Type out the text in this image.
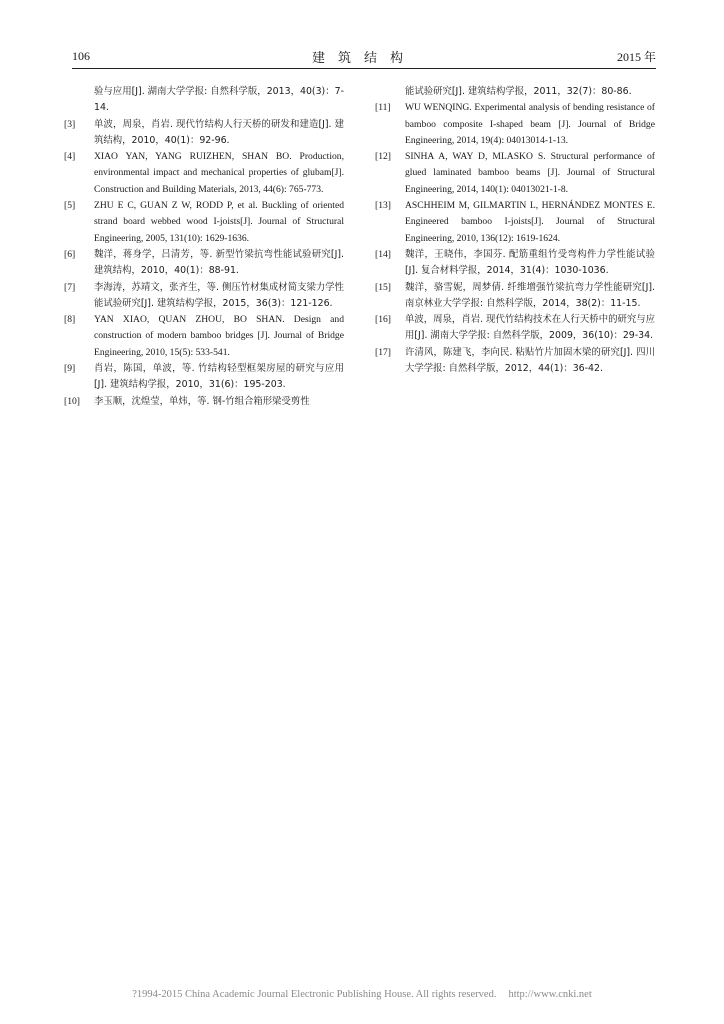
106	建筑结构	2015 年

验与应用[J]. 湖南大学学报: 自然科学版，2013，40(3)：7-14.

[3]	单波，周泉，肖岩. 现代竹结构人行天桥的研发和建造[J]. 建筑结构，2010，40(1)：92-96.

[4]	XIAO YAN, YANG RUIZHEN, SHAN BO. Production, environmental impact and mechanical properties of glubam[J]. Construction and Building Materials, 2013, 44(6): 765-773.

[5]	ZHU E C, GUAN Z W, RODD P, et al. Buckling of oriented strand board webbed wood I-joists[J]. Journal of Structural Engineering, 2005, 131(10): 1629-1636.

[6]	魏洋，蒋身学，吕清芳，等. 新型竹梁抗弯性能试验研究[J]. 建筑结构，2010，40(1)：88-91.

[7]	李海涛，苏靖文，张齐生，等. 侧压竹材集成材简支梁力学性能试验研究[J]. 建筑结构学报，2015，36(3)：121-126.

[8]	YAN XIAO, QUAN ZHOU, BO SHAN. Design and construction of modern bamboo bridges [J]. Journal of Bridge Engineering, 2010, 15(5): 533-541.

[9]	肖岩，陈国，单波，等. 竹结构轻型框架房屋的研究与应用[J]. 建筑结构学报，2010，31(6)：195-203.

[10]	李玉顺，沈煌莹，单炜，等. 钢-竹组合箱形梁受剪性

能试验研究[J]. 建筑结构学报，2011，32(7)：80-86.

[11]	WU WENQING. Experimental analysis of bending resistance of bamboo composite I-shaped beam [J]. Journal of Bridge Engineering, 2014, 19(4): 04013014-1-13.

[12]	SINHA A, WAY D, MLASKO S. Structural performance of glued laminated bamboo beams [J]. Journal of Structural Engineering, 2014, 140(1): 04013021-1-8.

[13]	ASCHHEIM M, GILMARTIN L, HERNÁNDEZ MONTES E. Engineered bamboo I-joists[J]. Journal of Structural Engineering, 2010, 136(12): 1619-1624.

[14]	魏洋，王晓伟，李国芬. 配筋重组竹受弯构件力学性能试验[J]. 复合材料学报，2014，31(4)：1030-1036.

[15]	魏洋，骆雪妮，周梦倩. 纤维增强竹梁抗弯力学性能研究[J]. 南京林业大学学报: 自然科学版，2014，38(2)：11-15.

[16]	单波，周泉，肖岩. 现代竹结构技术在人行天桥中的研究与应用[J]. 湖南大学学报: 自然科学版，2009，36(10)：29-34.

[17]	许清风，陈建飞，李向民. 粘贴竹片加固木梁的研究[J]. 四川大学学报: 自然科学版，2012，44(1)：36-42.

?1994-2015 China Academic Journal Electronic Publishing House. All rights reserved. http://www.cnki.net
